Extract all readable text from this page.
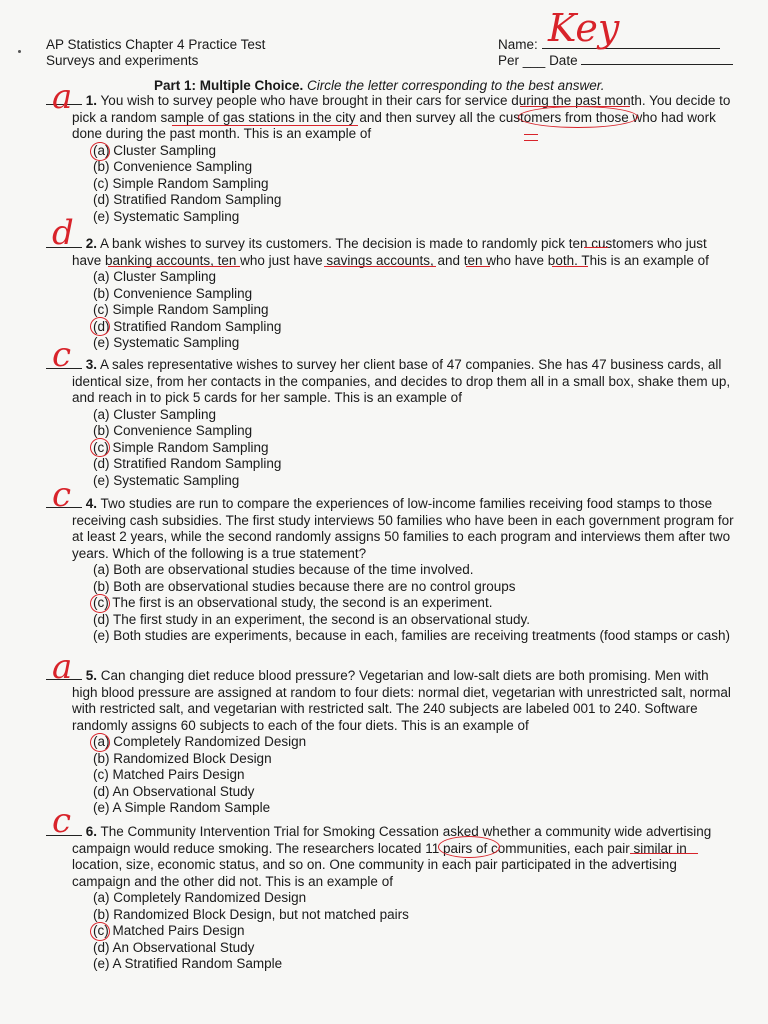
AP Statistics Chapter 4 Practice Test
Surveys and experiments
Name:
Per ___ Date
Key
Part 1: Multiple Choice. Circle the letter corresponding to the best answer.

1. You wish to survey people who have brought in their cars for service during the past month. You decide to pick a random sample of gas stations in the city and then survey all the customers from those who had work done during the past month. This is an example of

(a) Cluster Sampling
(b) Convenience Sampling
(c) Simple Random Sampling
(d) Stratified Random Sampling
(e) Systematic Sampling
a

2. A bank wishes to survey its customers. The decision is made to randomly pick ten customers who just have banking accounts, ten who just have savings accounts, and ten who have both. This is an example of

(a) Cluster Sampling
(b) Convenience Sampling
(c) Simple Random Sampling
(d) Stratified Random Sampling
(e) Systematic Sampling
d

3. A sales representative wishes to survey her client base of 47 companies. She has 47 business cards, all identical size, from her contacts in the companies, and decides to drop them all in a small box, shake them up, and reach in to pick 5 cards for her sample. This is an example of

(a) Cluster Sampling
(b) Convenience Sampling
(c) Simple Random Sampling
(d) Stratified Random Sampling
(e) Systematic Sampling
c

4. Two studies are run to compare the experiences of low-income families receiving food stamps to those receiving cash subsidies. The first study interviews 50 families who have been in each government program for at least 2 years, while the second randomly assigns 50 families to each program and interviews them after two years. Which of the following is a true statement?

(a) Both are observational studies because of the time involved.
(b) Both are observational studies because there are no control groups
(c) The first is an observational study, the second is an experiment.
(d) The first study in an experiment, the second is an observational study.
(e) Both studies are experiments, because in each, families are receiving treatments (food stamps or cash)
c

5. Can changing diet reduce blood pressure? Vegetarian and low-salt diets are both promising. Men with high blood pressure are assigned at random to four diets: normal diet, vegetarian with unrestricted salt, normal with restricted salt, and vegetarian with restricted salt. The 240 subjects are labeled 001 to 240. Software randomly assigns 60 subjects to each of the four diets. This is an example of

(a) Completely Randomized Design
(b) Randomized Block Design
(c) Matched Pairs Design
(d) An Observational Study
(e) A Simple Random Sample
a

6. The Community Intervention Trial for Smoking Cessation asked whether a community wide advertising campaign would reduce smoking. The researchers located 11 pairs of communities, each pair similar in location, size, economic status, and so on. One community in each pair participated in the advertising campaign and the other did not. This is an example of

(a) Completely Randomized Design
(b) Randomized Block Design, but not matched pairs
(c) Matched Pairs Design
(d) An Observational Study
(e) A Stratified Random Sample
c
